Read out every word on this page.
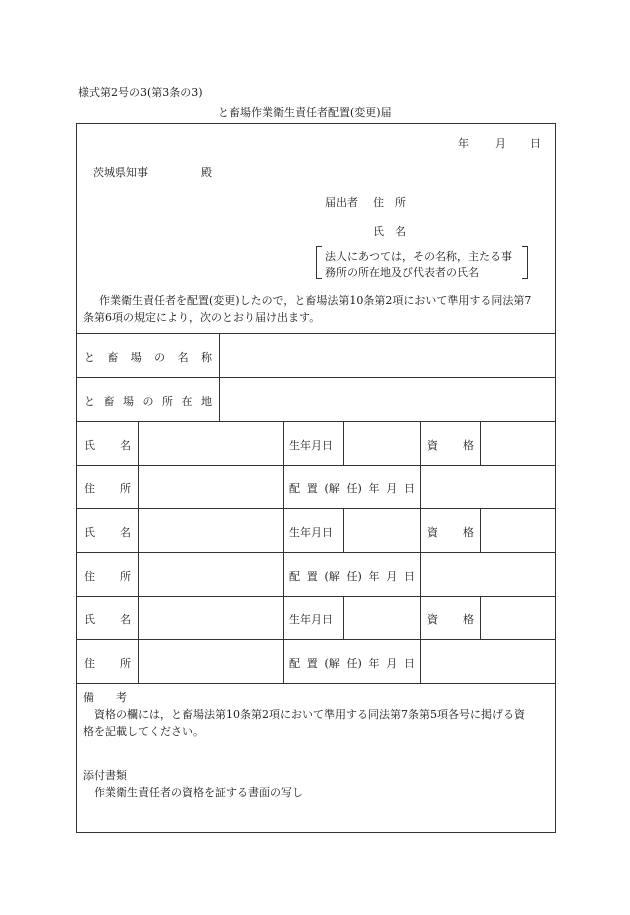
様式第2号の3(第3条の3)
と畜場作業衛生責任者配置(変更)届
年 月 日
茨城県知事	殿
届出者 住　所
氏　名
法人にあつては，その名称，主たる事
務所の所在地及び代表者の氏名
作業衛生責任者を配置(変更)したので，と畜場法第10条第2項において準用する同法第7
条第6項の規定により，次のとおり届け出ます。
と 畜 場 の 名 称
と 畜 場 の 所 在 地
氏 名	生年月日	資 格
住 所	配 置 (解 任) 年 月 日
氏 名	生年月日	資 格
住 所	配 置 (解 任) 年 月 日
氏 名	生年月日	資 格
住 所	配 置 (解 任) 年 月 日
備　　考
資格の欄には，と畜場法第10条第2項において準用する同法第7条第5項各号に掲げる資
格を記載してください。
添付書類
作業衛生責任者の資格を証する書面の写し
